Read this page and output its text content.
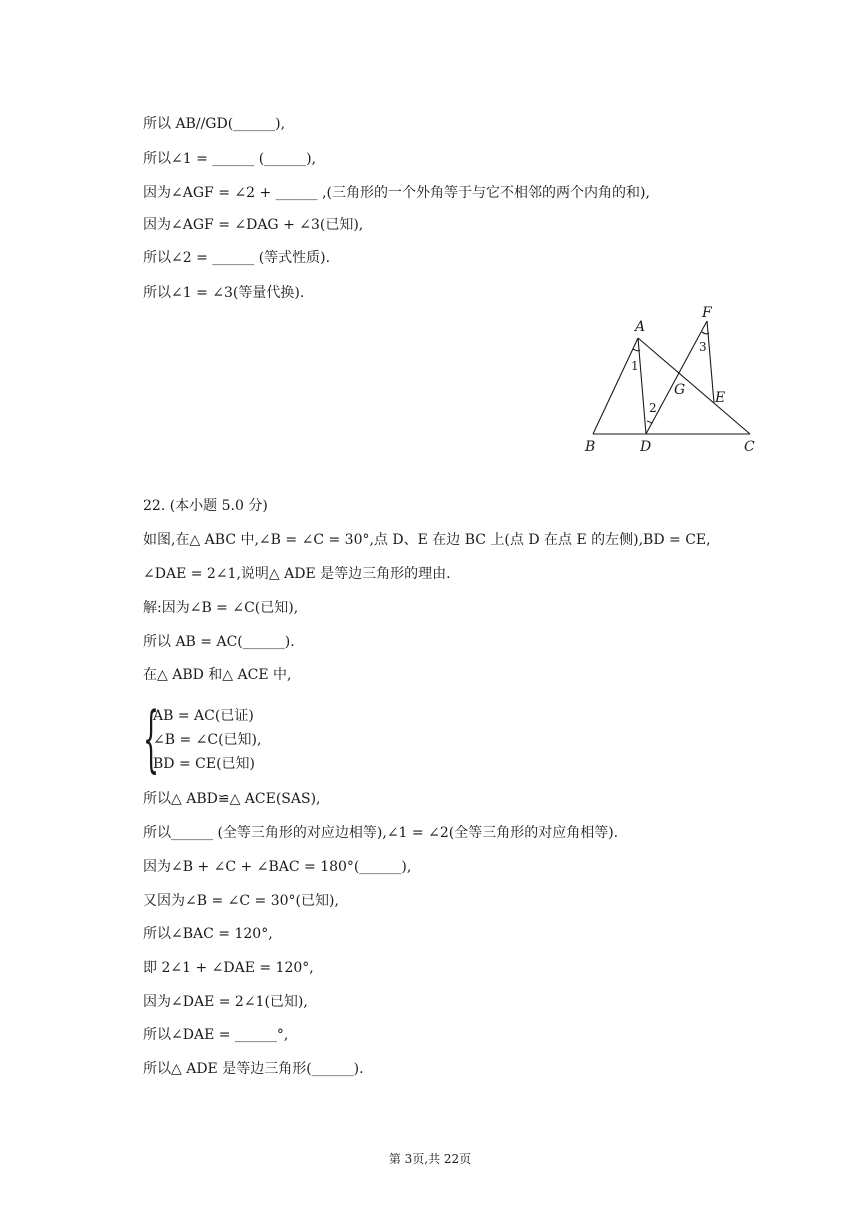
所以 AB//GD(______),
所以∠1 = ______ (______),
因为∠AGF = ∠2 + ______ ,(三角形的一个外角等于与它不相邻的两个内角的和),
因为∠AGF = ∠DAG + ∠3(已知),
所以∠2 = ______ (等式性质).
所以∠1 = ∠3(等量代换).
A
F
G E
B	D	C
1
2
3
22. (本小题 5.0 分)
如图,在△ ABC 中,∠B = ∠C = 30°,点 D、E 在边 BC 上(点 D 在点 E 的左侧),BD = CE,
∠DAE = 2∠1,说明△ ADE 是等边三角形的理由.
解:因为∠B = ∠C(已知),
所以 AB = AC(______).
在△ ABD 和△ ACE 中,
{
AB = AC(已证)
∠B = ∠C(已知),
BD = CE(已知)
所以△ ABD≌△ ACE(SAS),
所以______ (全等三角形的对应边相等),∠1 = ∠2(全等三角形的对应角相等).
因为∠B + ∠C + ∠BAC = 180°(______),
又因为∠B = ∠C = 30°(已知),
所以∠BAC = 120°,
即 2∠1 + ∠DAE = 120°,
因为∠DAE = 2∠1(已知),
所以∠DAE = ______°,
所以△ ADE 是等边三角形(______).
第 3页,共 22页
